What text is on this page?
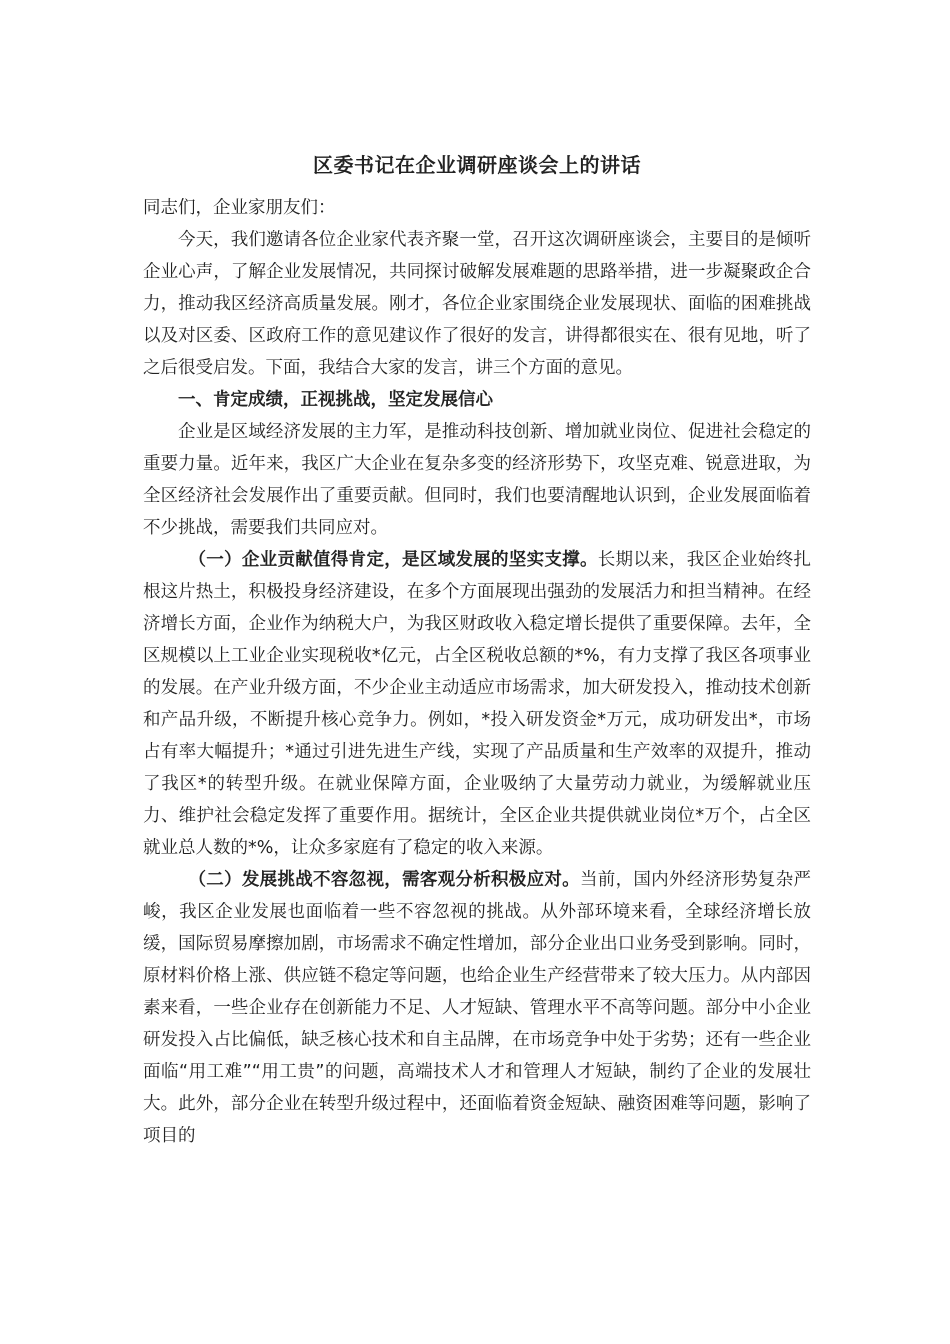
区委书记在企业调研座谈会上的讲话

同志们，企业家朋友们：

今天，我们邀请各位企业家代表齐聚一堂，召开这次调研座谈会，主要目的是倾听企业心声，了解企业发展情况，共同探讨破解发展难题的思路举措，进一步凝聚政企合力，推动我区经济高质量发展。刚才，各位企业家围绕企业发展现状、面临的困难挑战以及对区委、区政府工作的意见建议作了很好的发言，讲得都很实在、很有见地，听了之后很受启发。下面，我结合大家的发言，讲三个方面的意见。

一、肯定成绩，正视挑战，坚定发展信心

企业是区域经济发展的主力军，是推动科技创新、增加就业岗位、促进社会稳定的重要力量。近年来，我区广大企业在复杂多变的经济形势下，攻坚克难、锐意进取，为全区经济社会发展作出了重要贡献。但同时，我们也要清醒地认识到，企业发展面临着不少挑战，需要我们共同应对。

（一）企业贡献值得肯定，是区域发展的坚实支撑。长期以来，我区企业始终扎根这片热土，积极投身经济建设，在多个方面展现出强劲的发展活力和担当精神。在经济增长方面，企业作为纳税大户，为我区财政收入稳定增长提供了重要保障。去年，全区规模以上工业企业实现税收*亿元，占全区税收总额的*%，有力支撑了我区各项事业的发展。在产业升级方面，不少企业主动适应市场需求，加大研发投入，推动技术创新和产品升级，不断提升核心竞争力。例如，*投入研发资金*万元，成功研发出*，市场占有率大幅提升；*通过引进先进生产线，实现了产品质量和生产效率的双提升，推动了我区*的转型升级。在就业保障方面，企业吸纳了大量劳动力就业，为缓解就业压力、维护社会稳定发挥了重要作用。据统计，全区企业共提供就业岗位*万个，占全区就业总人数的*%，让众多家庭有了稳定的收入来源。

（二）发展挑战不容忽视，需客观分析积极应对。当前，国内外经济形势复杂严峻，我区企业发展也面临着一些不容忽视的挑战。从外部环境来看，全球经济增长放缓，国际贸易摩擦加剧，市场需求不确定性增加，部分企业出口业务受到影响。同时，原材料价格上涨、供应链不稳定等问题，也给企业生产经营带来了较大压力。从内部因素来看，一些企业存在创新能力不足、人才短缺、管理水平不高等问题。部分中小企业研发投入占比偏低，缺乏核心技术和自主品牌，在市场竞争中处于劣势；还有一些企业面临“用工难”“用工贵”的问题，高端技术人才和管理人才短缺，制约了企业的发展壮大。此外，部分企业在转型升级过程中，还面临着资金短缺、融资困难等问题，影响了项目的
